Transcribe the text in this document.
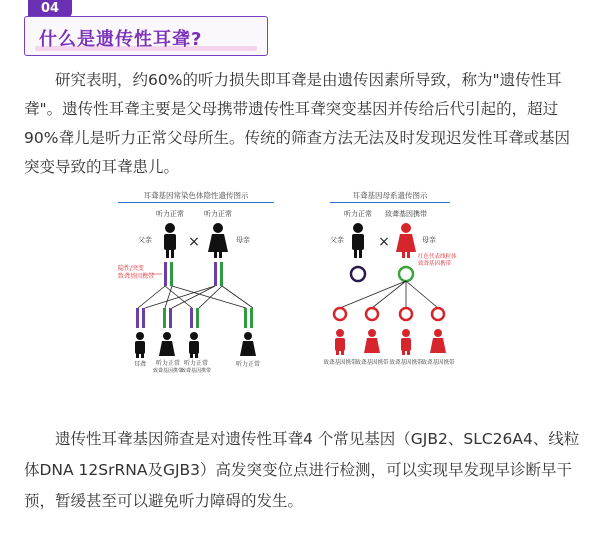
04
什么是遗传性耳聋?

研究表明，约60%的听力损失即耳聋是由遗传因素所导致，称为"遗传性耳聋"。遗传性耳聋主要是父母携带遗传性耳聋突变基因并传给后代引起的，超过90%聋儿是听力正常父母所生。传统的筛查方法无法及时发现迟发性耳聋或基因突变导致的耳聋患儿。

耳聋基因常染色体隐性遗传图示
听力正常	听力正常
父亲	×	母亲
隐性/突变
致聋基因携带
耳聋 听力正常
致聋基因携带
听力正常
致聋基因携带
听力正常
耳聋基因母系遗传图示
听力正常 致聋基因携带
父亲 ×	母亲
红色代表线粒体
致聋基因携带
致聋基因携带
致聋基因携带 致聋基因携带
致聋基因携带

遗传性耳聋基因筛查是对遗传性耳聋4 个常见基因（GJB2、SLC26A4、线粒体DNA 12SrRNA及GJB3）高发突变位点进行检测，可以实现早发现早诊断早干预，暂缓甚至可以避免听力障碍的发生。
